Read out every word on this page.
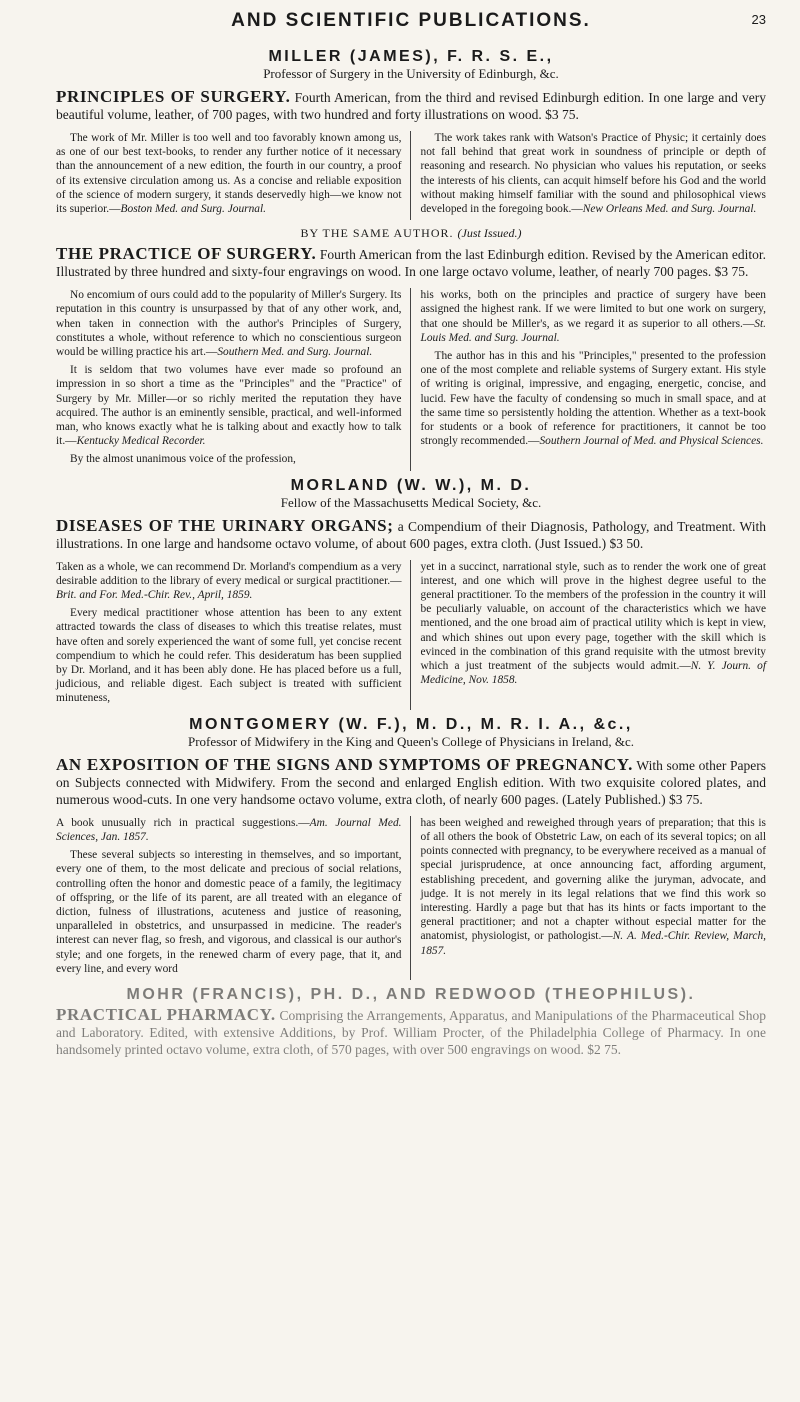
AND SCIENTIFIC PUBLICATIONS.	23
MILLER (JAMES), F. R. S. E.,
Professor of Surgery in the University of Edinburgh, &c.

PRINCIPLES OF SURGERY. Fourth American, from the third and revised Edinburgh edition. In one large and very beautiful volume, leather, of 700 pages, with two hundred and forty illustrations on wood. $3 75.

The work of Mr. Miller is too well and too favorably known among us, as one of our best text-books, to render any further notice of it necessary than the announcement of a new edition, the fourth in our country, a proof of its extensive circulation among us. As a concise and reliable exposition of the science of modern surgery, it stands deservedly high—we know not its superior.—Boston Med. and Surg. Journal.

The work takes rank with Watson's Practice of Physic; it certainly does not fall behind that great work in soundness of principle or depth of reasoning and research. No physician who values his reputation, or seeks the interests of his clients, can acquit himself before his God and the world without making himself familiar with the sound and philosophical views developed in the foregoing book.—New Orleans Med. and Surg. Journal.

BY THE SAME AUTHOR. (Just Issued.)

THE PRACTICE OF SURGERY. Fourth American from the last Edinburgh edition. Revised by the American editor. Illustrated by three hundred and sixty-four engravings on wood. In one large octavo volume, leather, of nearly 700 pages. $3 75.

No encomium of ours could add to the popularity of Miller's Surgery. Its reputation in this country is unsurpassed by that of any other work, and, when taken in connection with the author's Principles of Surgery, constitutes a whole, without reference to which no conscientious surgeon would be willing practice his art.—Southern Med. and Surg. Journal.

It is seldom that two volumes have ever made so profound an impression in so short a time as the "Principles" and the "Practice" of Surgery by Mr. Miller—or so richly merited the reputation they have acquired. The author is an eminently sensible, practical, and well-informed man, who knows exactly what he is talking about and exactly how to talk it.—Kentucky Medical Recorder.

By the almost unanimous voice of the profession,

his works, both on the principles and practice of surgery have been assigned the highest rank. If we were limited to but one work on surgery, that one should be Miller's, as we regard it as superior to all others.—St. Louis Med. and Surg. Journal.

The author has in this and his "Principles," presented to the profession one of the most complete and reliable systems of Surgery extant. His style of writing is original, impressive, and engaging, energetic, concise, and lucid. Few have the faculty of condensing so much in small space, and at the same time so persistently holding the attention. Whether as a text-book for students or a book of reference for practitioners, it cannot be too strongly recommended.—Southern Journal of Med. and Physical Sciences.

MORLAND (W. W.), M. D.
Fellow of the Massachusetts Medical Society, &c.

DISEASES OF THE URINARY ORGANS; a Compendium of their Diagnosis, Pathology, and Treatment. With illustrations. In one large and handsome octavo volume, of about 600 pages, extra cloth. (Just Issued.) $3 50.

Taken as a whole, we can recommend Dr. Morland's compendium as a very desirable addition to the library of every medical or surgical practitioner.—Brit. and For. Med.-Chir. Rev., April, 1859.

Every medical practitioner whose attention has been to any extent attracted towards the class of diseases to which this treatise relates, must have often and sorely experienced the want of some full, yet concise recent compendium to which he could refer. This desideratum has been supplied by Dr. Morland, and it has been ably done. He has placed before us a full, judicious, and reliable digest. Each subject is treated with sufficient minuteness,

yet in a succinct, narrational style, such as to render the work one of great interest, and one which will prove in the highest degree useful to the general practitioner. To the members of the profession in the country it will be peculiarly valuable, on account of the characteristics which we have mentioned, and the one broad aim of practical utility which is kept in view, and which shines out upon every page, together with the skill which is evinced in the combination of this grand requisite with the utmost brevity which a just treatment of the subjects would admit.—N. Y. Journ. of Medicine, Nov. 1858.

MONTGOMERY (W. F.), M. D., M. R. I. A., &c.,
Professor of Midwifery in the King and Queen's College of Physicians in Ireland, &c.

AN EXPOSITION OF THE SIGNS AND SYMPTOMS OF PREGNANCY. With some other Papers on Subjects connected with Midwifery. From the second and enlarged English edition. With two exquisite colored plates, and numerous wood-cuts. In one very handsome octavo volume, extra cloth, of nearly 600 pages. (Lately Published.) $3 75.

A book unusually rich in practical suggestions.—Am. Journal Med. Sciences, Jan. 1857.

These several subjects so interesting in themselves, and so important, every one of them, to the most delicate and precious of social relations, controlling often the honor and domestic peace of a family, the legitimacy of offspring, or the life of its parent, are all treated with an elegance of diction, fulness of illustrations, acuteness and justice of reasoning, unparalleled in obstetrics, and unsurpassed in medicine. The reader's interest can never flag, so fresh, and vigorous, and classical is our author's style; and one forgets, in the renewed charm of every page, that it, and every line, and every word

has been weighed and reweighed through years of preparation; that this is of all others the book of Obstetric Law, on each of its several topics; on all points connected with pregnancy, to be everywhere received as a manual of special jurisprudence, at once announcing fact, affording argument, establishing precedent, and governing alike the juryman, advocate, and judge. It is not merely in its legal relations that we find this work so interesting. Hardly a page but that has its hints or facts important to the general practitioner; and not a chapter without especial matter for the anatomist, physiologist, or pathologist.—N. A. Med.-Chir. Review, March, 1857.

MOHR (FRANCIS), PH. D., AND REDWOOD (THEOPHILUS).

PRACTICAL PHARMACY. Comprising the Arrangements, Apparatus, and Manipulations of the Pharmaceutical Shop and Laboratory. Edited, with extensive Additions, by Prof. William Procter, of the Philadelphia College of Pharmacy. In one handsomely printed octavo volume, extra cloth, of 570 pages, with over 500 engravings on wood. $2 75.
